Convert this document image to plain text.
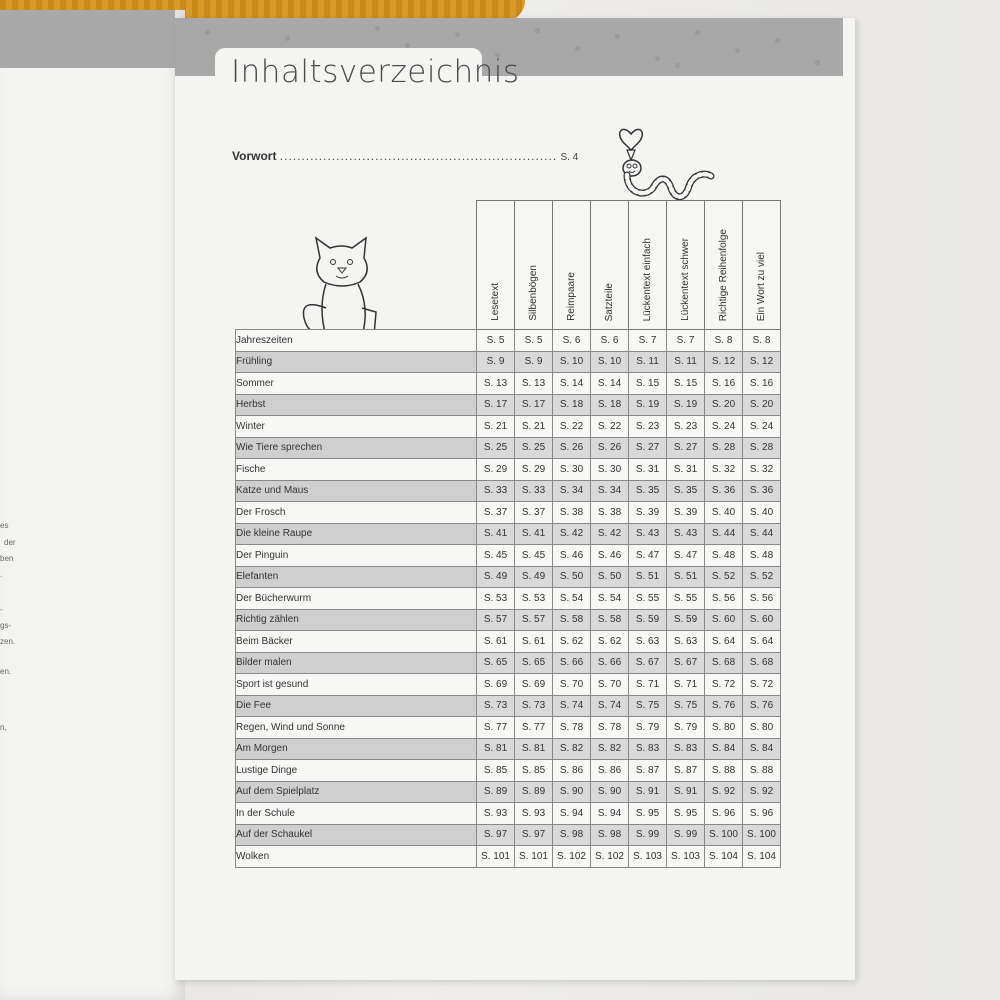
es
der
ben
.
-
gs-
zen.
en.
n,
Inhaltsverzeichnis
Vorwort ................................................................ S. 4

	Lesetext	Silbenbögen	Reimpaare	Satzteile	Lückentext einfach	Lückentext schwer	Richtige Reihenfolge	Ein Wort zu viel

Jahreszeiten	S. 5	S. 5	S. 6	S. 6	S. 7	S. 7	S. 8	S. 8
Frühling	S. 9	S. 9	S. 10	S. 10	S. 11	S. 11	S. 12	S. 12
Sommer	S. 13	S. 13	S. 14	S. 14	S. 15	S. 15	S. 16	S. 16
Herbst	S. 17	S. 17	S. 18	S. 18	S. 19	S. 19	S. 20	S. 20
Winter	S. 21	S. 21	S. 22	S. 22	S. 23	S. 23	S. 24	S. 24
Wie Tiere sprechen	S. 25	S. 25	S. 26	S. 26	S. 27	S. 27	S. 28	S. 28
Fische	S. 29	S. 29	S. 30	S. 30	S. 31	S. 31	S. 32	S. 32
Katze und Maus	S. 33	S. 33	S. 34	S. 34	S. 35	S. 35	S. 36	S. 36
Der Frosch	S. 37	S. 37	S. 38	S. 38	S. 39	S. 39	S. 40	S. 40
Die kleine Raupe	S. 41	S. 41	S. 42	S. 42	S. 43	S. 43	S. 44	S. 44
Der Pinguin	S. 45	S. 45	S. 46	S. 46	S. 47	S. 47	S. 48	S. 48
Elefanten	S. 49	S. 49	S. 50	S. 50	S. 51	S. 51	S. 52	S. 52
Der Bücherwurm	S. 53	S. 53	S. 54	S. 54	S. 55	S. 55	S. 56	S. 56
Richtig zählen	S. 57	S. 57	S. 58	S. 58	S. 59	S. 59	S. 60	S. 60
Beim Bäcker	S. 61	S. 61	S. 62	S. 62	S. 63	S. 63	S. 64	S. 64
Bilder malen	S. 65	S. 65	S. 66	S. 66	S. 67	S. 67	S. 68	S. 68
Sport ist gesund	S. 69	S. 69	S. 70	S. 70	S. 71	S. 71	S. 72	S. 72
Die Fee	S. 73	S. 73	S. 74	S. 74	S. 75	S. 75	S. 76	S. 76
Regen, Wind und Sonne	S. 77	S. 77	S. 78	S. 78	S. 79	S. 79	S. 80	S. 80
Am Morgen	S. 81	S. 81	S. 82	S. 82	S. 83	S. 83	S. 84	S. 84
Lustige Dinge	S. 85	S. 85	S. 86	S. 86	S. 87	S. 87	S. 88	S. 88
Auf dem Spielplatz	S. 89	S. 89	S. 90	S. 90	S. 91	S. 91	S. 92	S. 92
In der Schule	S. 93	S. 93	S. 94	S. 94	S. 95	S. 95	S. 96	S. 96
Auf der Schaukel	S. 97	S. 97	S. 98	S. 98	S. 99	S. 99	S. 100	S. 100
Wolken	S. 101	S. 101	S. 102	S. 102	S. 103	S. 103	S. 104	S. 104
